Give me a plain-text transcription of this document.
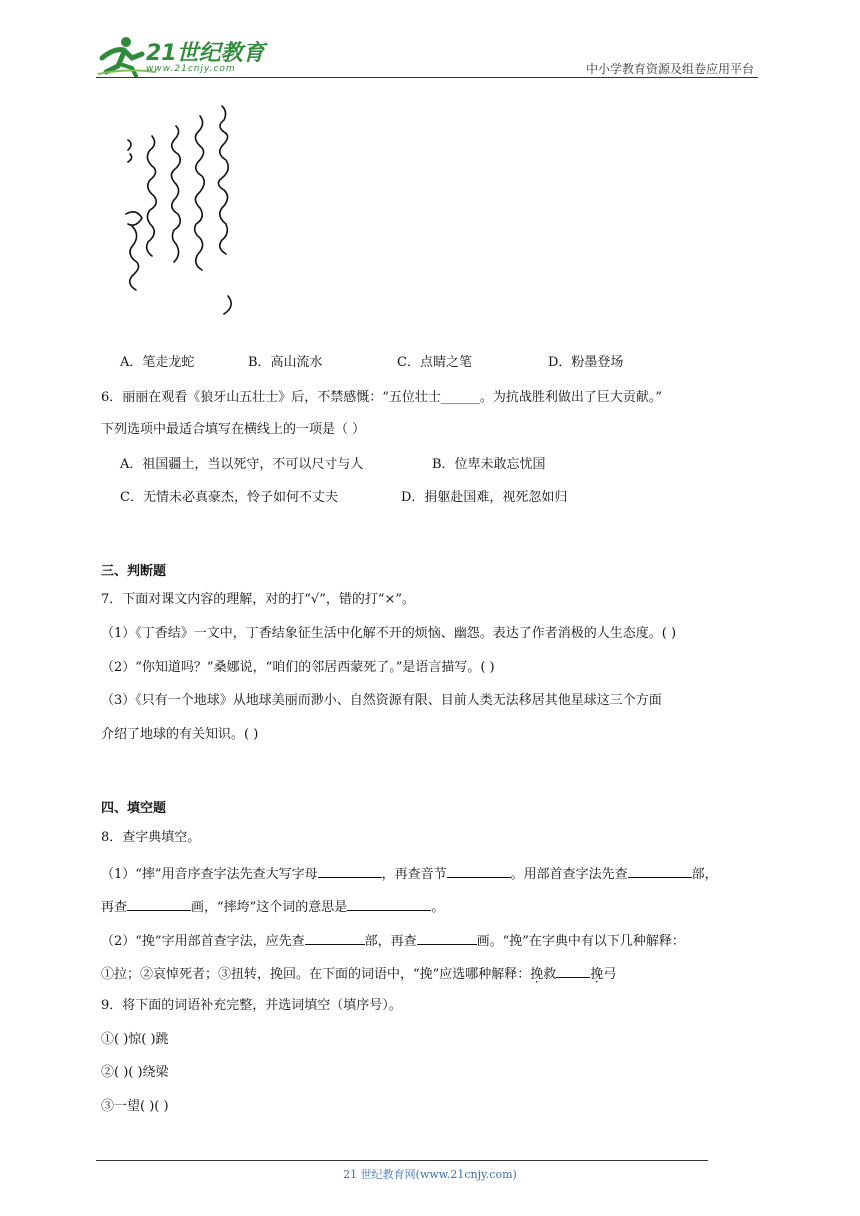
21世纪教育
www.21cnjy.com	中小学教育资源及组卷应用平台
A．笔走龙蛇	B．高山流水	C．点睛之笔	D．粉墨登场
6．丽丽在观看《狼牙山五壮士》后，不禁感慨：“五位壮士______。为抗战胜利做出了巨大贡献。”
下列选项中最适合填写在横线上的一项是（ ）
A．祖国疆土，当以死守，不可以尺寸与人	B．位卑未敢忘忧国
C．无情未必真豪杰，怜子如何不丈夫	D．捐躯赴国难，视死忽如归
三、判断题
7．下面对课文内容的理解，对的打“√”，错的打“×”。
（1）《丁香结》一文中，丁香结象征生活中化解不开的烦恼、幽怨。表达了作者消极的人生态度。( )
（2）“你知道吗？”桑娜说，“咱们的邻居西蒙死了。”是语言描写。( )
（3）《只有一个地球》从地球美丽而渺小、自然资源有限、目前人类无法移居其他星球这三个方面
介绍了地球的有关知识。( )
四、填空题
8．查字典填空。
（1）“摔”用音序查字法先查大写字母	，再查音节	。用部首查字法先查	部，
再查	画，“摔垮”这个词的意思是	。
（2）“挽”字用部首查字法，应先查	部，再查	画。“挽”在字典中有以下几种解释：
①拉；②哀悼死者；③扭转，挽回。在下面的词语中，“挽”应选哪种解释：挽救	挽弓
9．将下面的词语补充完整，并选词填空（填序号）。
①( )惊( )跳
②( )( )绕梁
③一望( )( )
21 世纪教育网(www.21cnjy.com)
